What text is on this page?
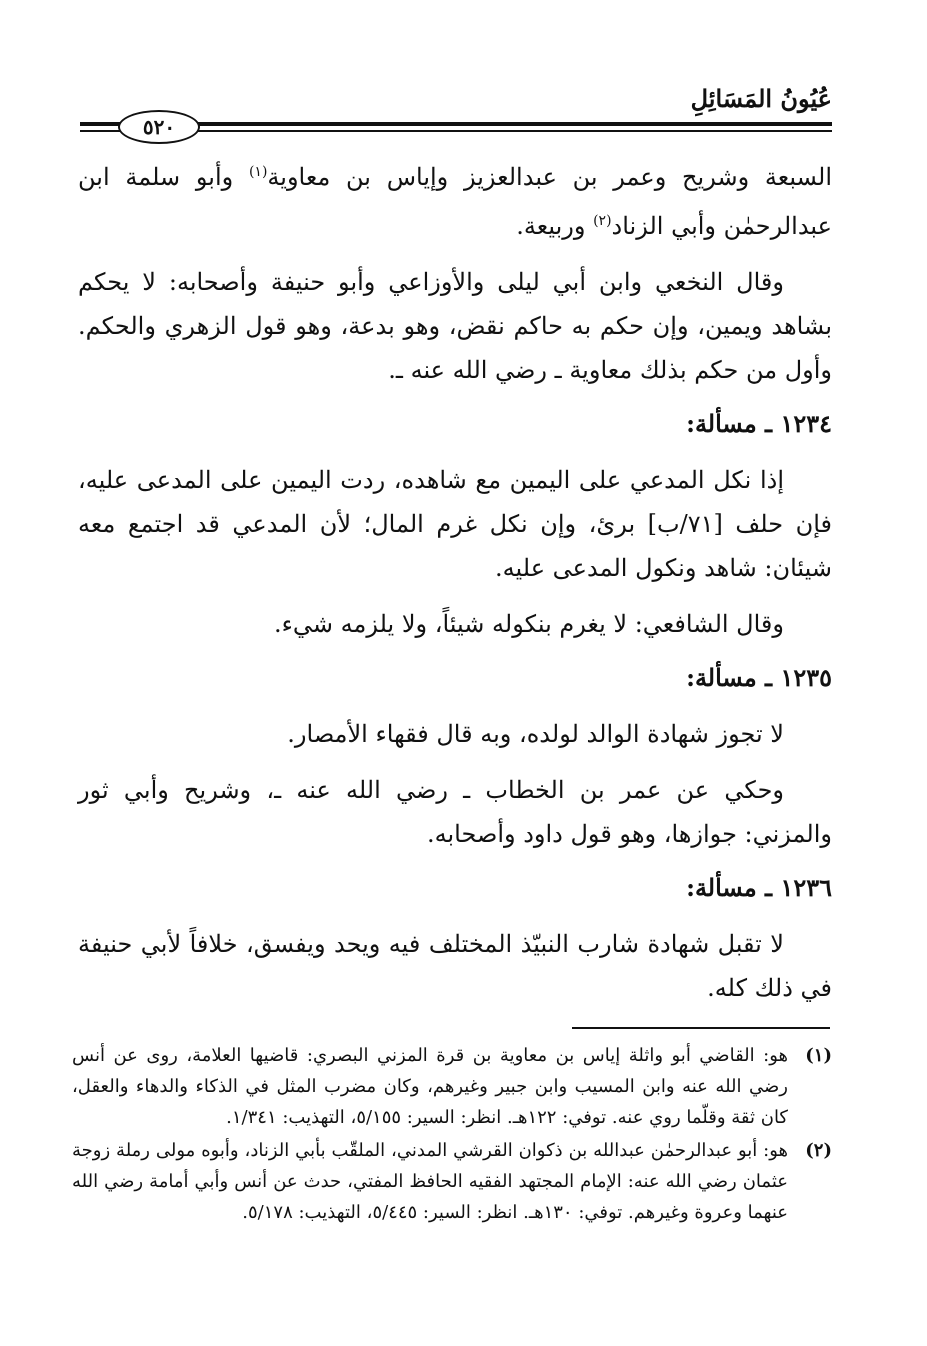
عُيُونُ المَسَائِلِ
٥٢٠

السبعة وشريح وعمر بن عبدالعزيز وإياس بن معاوية$^{(١)}$ وأبو سلمة ابن عبدالرحمٰن وأبي الزناد$^{(٢)}$ وربيعة.

وقال النخعي وابن أبي ليلى والأوزاعي وأبو حنيفة وأصحابه: لا يحكم بشاهد ويمين، وإن حكم به حاكم نقض، وهو بدعة، وهو قول الزهري والحكم. وأول من حكم بذلك معاوية ـ رضي الله عنه ـ.

١٢٣٤ ـ مسألة:

إذا نكل المدعي على اليمين مع شاهده، ردت اليمين على المدعى عليه، فإن حلف [٧١/ب] برئ، وإن نكل غرم المال؛ لأن المدعي قد اجتمع معه شيئان: شاهد ونكول المدعى عليه.

وقال الشافعي: لا يغرم بنكوله شيئاً، ولا يلزمه شيء.

١٢٣٥ ـ مسألة:

لا تجوز شهادة الوالد لولده، وبه قال فقهاء الأمصار.

وحكي عن عمر بن الخطاب ـ رضي الله عنه ـ، وشريح وأبي ثور والمزني: جوازها، وهو قول داود وأصحابه.

١٢٣٦ ـ مسألة:

لا تقبل شهادة شارب النبيّذ المختلف فيه ويحد ويفسق، خلافاً لأبي حنيفة في ذلك كله.

(١)
هو: القاضي أبو واثلة إياس بن معاوية بن قرة المزني البصري: قاضيها العلامة، روى عن أنس رضي الله عنه وابن المسيب وابن جبير وغيرهم، وكان مضرب المثل في الذكاء والدهاء والعقل، كان ثقة وقلّما روي عنه. توفي: ١٢٢هـ. انظر: السير: ٥/١٥٥، التهذيب: ١/٣٤١.
(٢)
هو: أبو عبدالرحمٰن عبدالله بن ذكوان القرشي المدني، الملقّب بأبي الزناد، وأبوه مولى رملة زوجة عثمان رضي الله عنه: الإمام المجتهد الفقيه الحافظ المفتي، حدث عن أنس وأبي أمامة رضي الله عنهما وعروة وغيرهم. توفي: ١٣٠هـ. انظر: السير: ٥/٤٤٥، التهذيب: ٥/١٧٨.
